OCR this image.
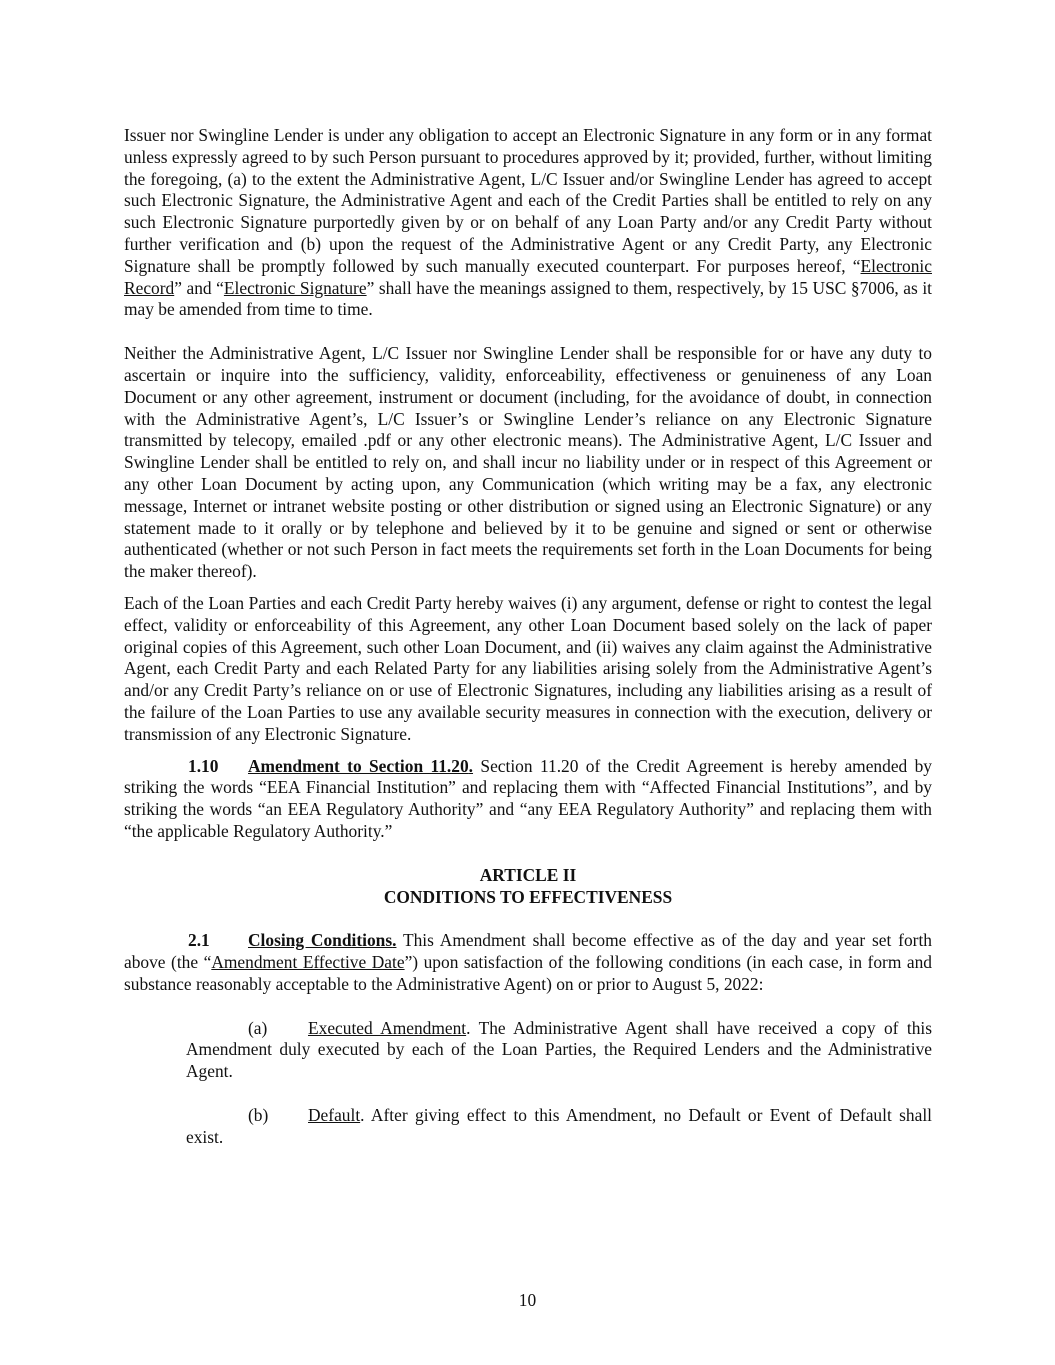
Issuer nor Swingline Lender is under any obligation to accept an Electronic Signature in any form or in any format unless expressly agreed to by such Person pursuant to procedures approved by it; provided, further, without limiting the foregoing, (a) to the extent the Administrative Agent, L/C Issuer and/or Swingline Lender has agreed to accept such Electronic Signature, the Administrative Agent and each of the Credit Parties shall be entitled to rely on any such Electronic Signature purportedly given by or on behalf of any Loan Party and/or any Credit Party without further verification and (b) upon the request of the Administrative Agent or any Credit Party, any Electronic Signature shall be promptly followed by such manually executed counterpart. For purposes hereof, “Electronic Record” and “Electronic Signature” shall have the meanings assigned to them, respectively, by 15 USC §7006, as it may be amended from time to time.

Neither the Administrative Agent, L/C Issuer nor Swingline Lender shall be responsible for or have any duty to ascertain or inquire into the sufficiency, validity, enforceability, effectiveness or genuineness of any Loan Document or any other agreement, instrument or document (including, for the avoidance of doubt, in connection with the Administrative Agent’s, L/C Issuer’s or Swingline Lender’s reliance on any Electronic Signature transmitted by telecopy, emailed .pdf or any other electronic means). The Administrative Agent, L/C Issuer and Swingline Lender shall be entitled to rely on, and shall incur no liability under or in respect of this Agreement or any other Loan Document by acting upon, any Communication (which writing may be a fax, any electronic message, Internet or intranet website posting or other distribution or signed using an Electronic Signature) or any statement made to it orally or by telephone and believed by it to be genuine and signed or sent or otherwise authenticated (whether or not such Person in fact meets the requirements set forth in the Loan Documents for being the maker thereof).

Each of the Loan Parties and each Credit Party hereby waives (i) any argument, defense or right to contest the legal effect, validity or enforceability of this Agreement, any other Loan Document based solely on the lack of paper original copies of this Agreement, such other Loan Document, and (ii) waives any claim against the Administrative Agent, each Credit Party and each Related Party for any liabilities arising solely from the Administrative Agent’s and/or any Credit Party’s reliance on or use of Electronic Signatures, including any liabilities arising as a result of the failure of the Loan Parties to use any available security measures in connection with the execution, delivery or transmission of any Electronic Signature.

1.10 Amendment to Section 11.20. Section 11.20 of the Credit Agreement is hereby amended by striking the words “EEA Financial Institution” and replacing them with “Affected Financial Institutions”, and by striking the words “an EEA Regulatory Authority” and “any EEA Regulatory Authority” and replacing them with “the applicable Regulatory Authority.”

ARTICLE II
CONDITIONS TO EFFECTIVENESS

2.1 Closing Conditions. This Amendment shall become effective as of the day and year set forth above (the “Amendment Effective Date”) upon satisfaction of the following conditions (in each case, in form and substance reasonably acceptable to the Administrative Agent) on or prior to August 5, 2022:

(a) Executed Amendment. The Administrative Agent shall have received a copy of this Amendment duly executed by each of the Loan Parties, the Required Lenders and the Administrative Agent.

(b) Default. After giving effect to this Amendment, no Default or Event of Default shall exist.

10
